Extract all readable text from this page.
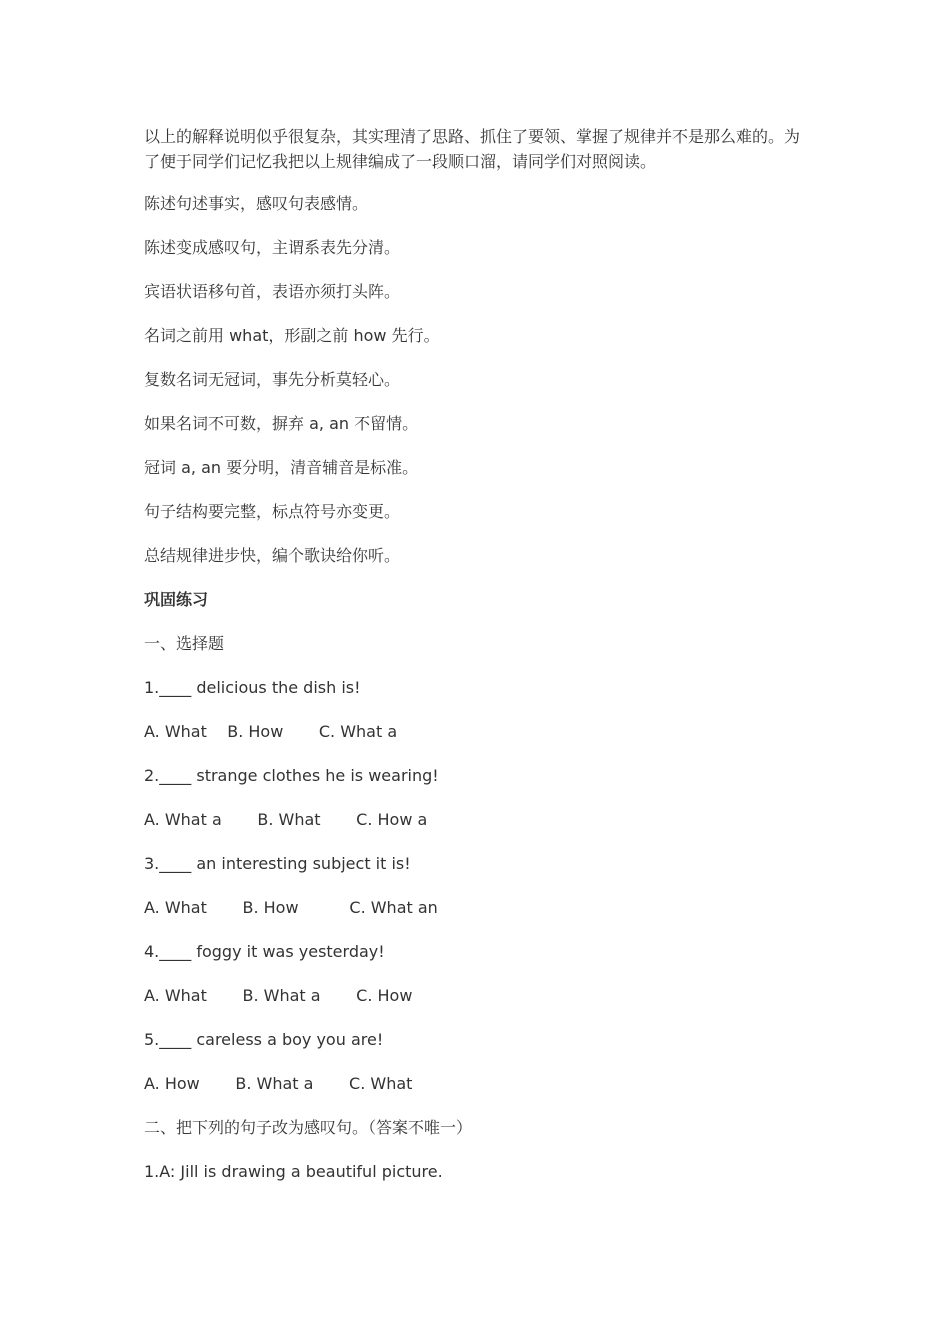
以上的解释说明似乎很复杂，其实理清了思路、抓住了要领、掌握了规律并不是那么难的。为了便于同学们记忆我把以上规律编成了一段顺口溜，请同学们对照阅读。

陈述句述事实，感叹句表感情。
陈述变成感叹句，主谓系表先分清。
宾语状语移句首，表语亦须打头阵。
名词之前用 what，形副之前 how 先行。
复数名词无冠词，事先分析莫轻心。
如果名词不可数，摒弃 a, an 不留情。
冠词 a, an 要分明，清音辅音是标准。
句子结构要完整，标点符号亦变更。
总结规律进步快，编个歌诀给你听。
巩固练习
一、选择题
1.____ delicious the dish is!
A. What    B. How       C. What a
2.____ strange clothes he is wearing!
A. What a       B. What       C. How a
3.____ an interesting subject it is!
A. What       B. How          C. What an
4.____ foggy it was yesterday!
A. What       B. What a       C. How
5.____ careless a boy you are!
A. How       B. What a       C. What
二、把下列的句子改为感叹句。（答案不唯一）
1.A: Jill is drawing a beautiful picture.
